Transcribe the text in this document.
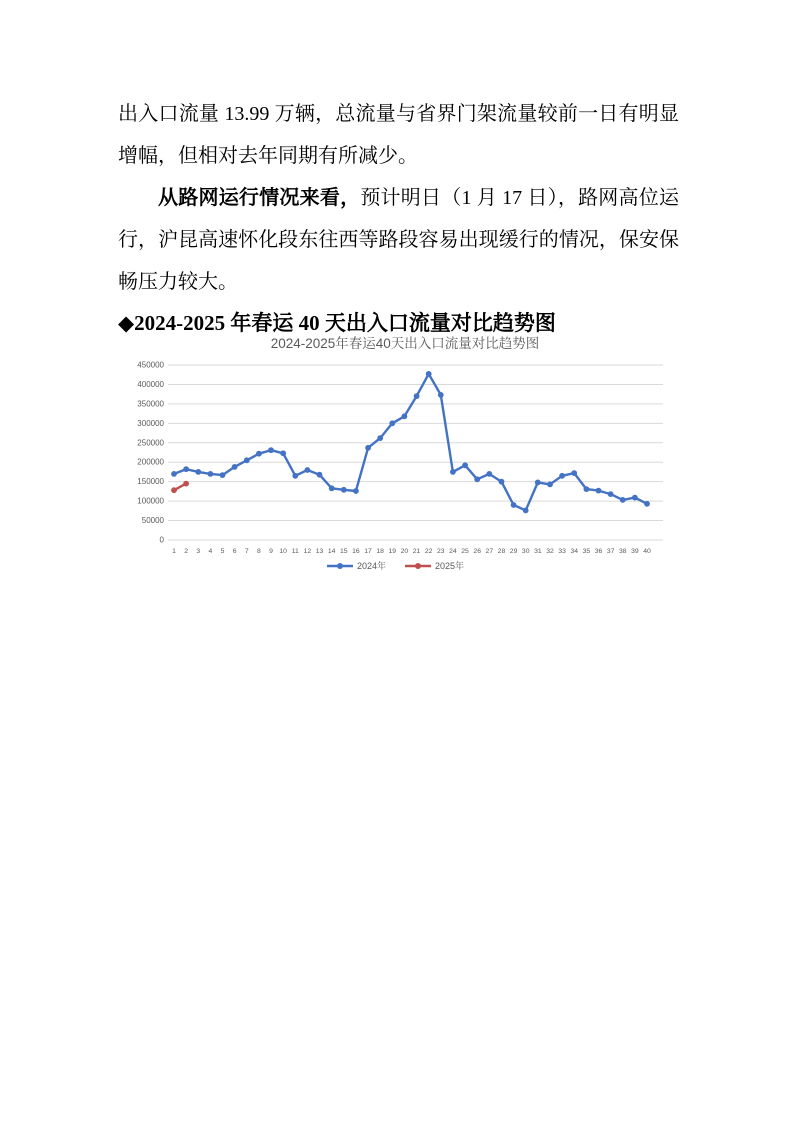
出入口流量 13.99 万辆，总流量与省界门架流量较前一日有明显增幅，但相对去年同期有所减少。

从路网运行情况来看，预计明日（1 月 17 日），路网高位运行，沪昆高速怀化段东往西等路段容易出现缓行的情况，保安保畅压力较大。

◆2024-2025 年春运 40 天出入口流量对比趋势图

2024-2025年春运40天出入口流量对比趋势图
0
50000
100000
150000
200000
250000
300000
350000
400000
450000
1 2 3 4 5 6 7 8 9 10 11 12 13 14 15 16 17 18 19 20 21 22 23 24 25 26 27 28 29 30 31 32 33 34 35 36 37 38 39 40
2024年	2025年
